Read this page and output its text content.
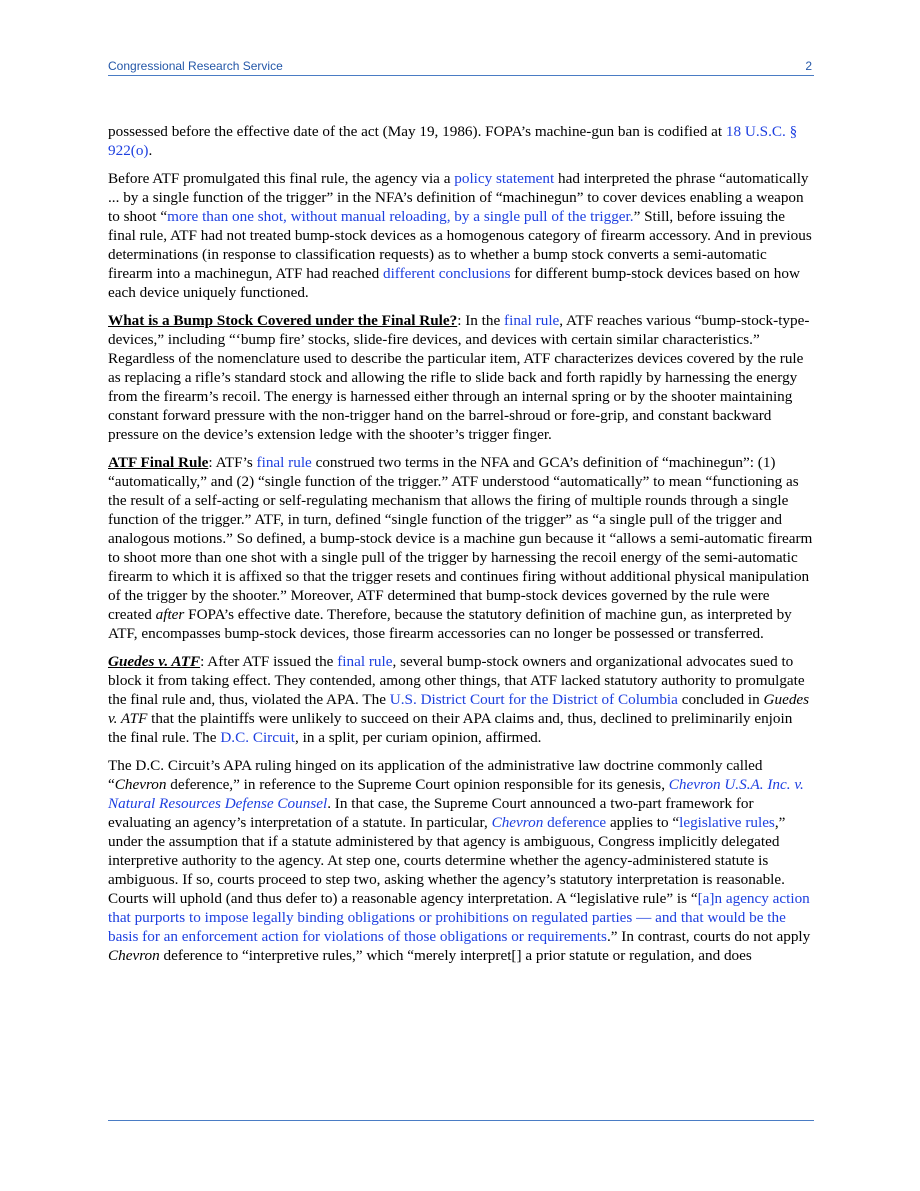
Congressional Research Service	2

possessed before the effective date of the act (May 19, 1986). FOPA’s machine-gun ban is codified at 18 U.S.C. § 922(o).

Before ATF promulgated this final rule, the agency via a policy statement had interpreted the phrase “automatically ... by a single function of the trigger” in the NFA’s definition of “machinegun” to cover devices enabling a weapon to shoot “more than one shot, without manual reloading, by a single pull of the trigger.” Still, before issuing the final rule, ATF had not treated bump-stock devices as a homogenous category of firearm accessory. And in previous determinations (in response to classification requests) as to whether a bump stock converts a semi-automatic firearm into a machinegun, ATF had reached different conclusions for different bump-stock devices based on how each device uniquely functioned.

What is a Bump Stock Covered under the Final Rule?: In the final rule, ATF reaches various “bump-stock-type-devices,” including “‘bump fire’ stocks, slide-fire devices, and devices with certain similar characteristics.” Regardless of the nomenclature used to describe the particular item, ATF characterizes devices covered by the rule as replacing a rifle’s standard stock and allowing the rifle to slide back and forth rapidly by harnessing the energy from the firearm’s recoil. The energy is harnessed either through an internal spring or by the shooter maintaining constant forward pressure with the non-trigger hand on the barrel-shroud or fore-grip, and constant backward pressure on the device’s extension ledge with the shooter’s trigger finger.

ATF Final Rule: ATF’s final rule construed two terms in the NFA and GCA’s definition of “machinegun”: (1) “automatically,” and (2) “single function of the trigger.” ATF understood “automatically” to mean “functioning as the result of a self-acting or self-regulating mechanism that allows the firing of multiple rounds through a single function of the trigger.” ATF, in turn, defined “single function of the trigger” as “a single pull of the trigger and analogous motions.” So defined, a bump-stock device is a machine gun because it “allows a semi-automatic firearm to shoot more than one shot with a single pull of the trigger by harnessing the recoil energy of the semi-automatic firearm to which it is affixed so that the trigger resets and continues firing without additional physical manipulation of the trigger by the shooter.” Moreover, ATF determined that bump-stock devices governed by the rule were created after FOPA’s effective date. Therefore, because the statutory definition of machine gun, as interpreted by ATF, encompasses bump-stock devices, those firearm accessories can no longer be possessed or transferred.

Guedes v. ATF: After ATF issued the final rule, several bump-stock owners and organizational advocates sued to block it from taking effect. They contended, among other things, that ATF lacked statutory authority to promulgate the final rule and, thus, violated the APA. The U.S. District Court for the District of Columbia concluded in Guedes v. ATF that the plaintiffs were unlikely to succeed on their APA claims and, thus, declined to preliminarily enjoin the final rule. The D.C. Circuit, in a split, per curiam opinion, affirmed.

The D.C. Circuit’s APA ruling hinged on its application of the administrative law doctrine commonly called “Chevron deference,” in reference to the Supreme Court opinion responsible for its genesis, Chevron U.S.A. Inc. v. Natural Resources Defense Counsel. In that case, the Supreme Court announced a two-part framework for evaluating an agency’s interpretation of a statute. In particular, Chevron deference applies to “legislative rules,” under the assumption that if a statute administered by that agency is ambiguous, Congress implicitly delegated interpretive authority to the agency. At step one, courts determine whether the agency-administered statute is ambiguous. If so, courts proceed to step two, asking whether the agency’s statutory interpretation is reasonable. Courts will uphold (and thus defer to) a reasonable agency interpretation. A “legislative rule” is “[a]n agency action that purports to impose legally binding obligations or prohibitions on regulated parties — and that would be the basis for an enforcement action for violations of those obligations or requirements.” In contrast, courts do not apply Chevron deference to “interpretive rules,” which “merely interpret[] a prior statute or regulation, and does
